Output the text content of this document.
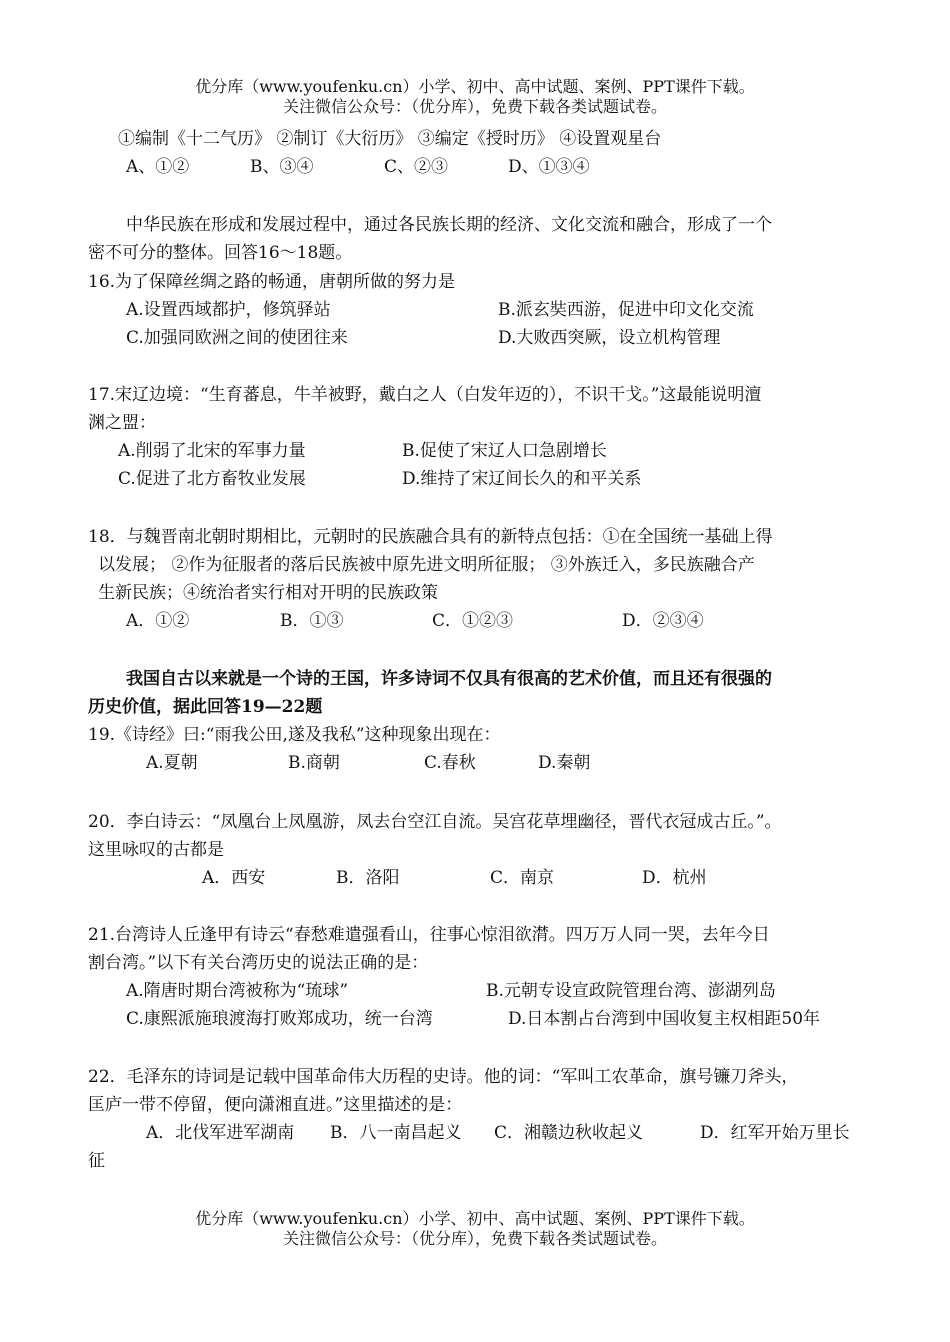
优分库（www.youfenku.cn）小学、初中、高中试题、案例、PPT课件下载。
关注微信公众号：（优分库），免费下载各类试题试卷。
①编制《十二气历》 ②制订《大衍历》 ③编定《授时历》 ④设置观星台
A、①②	B、③④	C、②③	D、①③④
中华民族在形成和发展过程中，通过各民族长期的经济、文化交流和融合，形成了一个
密不可分的整体。回答16～18题。
16.为了保障丝绸之路的畅通，唐朝所做的努力是
A.设置西域都护，修筑驿站	B.派玄奘西游，促进中印文化交流
C.加强同欧洲之间的使团往来	D.大败西突厥，设立机构管理
17.宋辽边境：“生育蕃息，牛羊被野，戴白之人（白发年迈的），不识干戈。”这最能说明澶
渊之盟：
A.削弱了北宋的军事力量	B.促使了宋辽人口急剧增长
C.促进了北方畜牧业发展	D.维持了宋辽间长久的和平关系
18．与魏晋南北朝时期相比，元朝时的民族融合具有的新特点包括：①在全国统一基础上得
以发展； ②作为征服者的落后民族被中原先进文明所征服； ③外族迁入，多民族融合产
生新民族；④统治者实行相对开明的民族政策
A．①②	B．①③	C．①②③	D．②③④
我国自古以来就是一个诗的王国，许多诗词不仅具有很高的艺术价值，而且还有很强的
历史价值，据此回答19—22题
19.《诗经》曰:“雨我公田,遂及我私”这种现象出现在：
A.夏朝	B.商朝	C.春秋	D.秦朝
20．李白诗云：“凤凰台上凤凰游，凤去台空江自流。吴宫花草埋幽径，晋代衣冠成古丘。”。
这里咏叹的古都是
A．西安	B．洛阳	C．南京	D．杭州
21.台湾诗人丘逢甲有诗云“春愁难遣强看山，往事心惊泪欲潸。四万万人同一哭，去年今日
割台湾。”以下有关台湾历史的说法正确的是：
A.隋唐时期台湾被称为“琉球”	B.元朝专设宣政院管理台湾、澎湖列岛
C.康熙派施琅渡海打败郑成功，统一台湾	D.日本割占台湾到中国收复主权相距50年
22．毛泽东的诗词是记载中国革命伟大历程的史诗。他的词：“军叫工农革命，旗号镰刀斧头，
匡庐一带不停留，便向潇湘直进。”这里描述的是：
A．北伐军进军湖南 B．八一南昌起义 C．湘赣边秋收起义	D．红军开始万里长
征
优分库（www.youfenku.cn）小学、初中、高中试题、案例、PPT课件下载。
关注微信公众号：（优分库），免费下载各类试题试卷。
